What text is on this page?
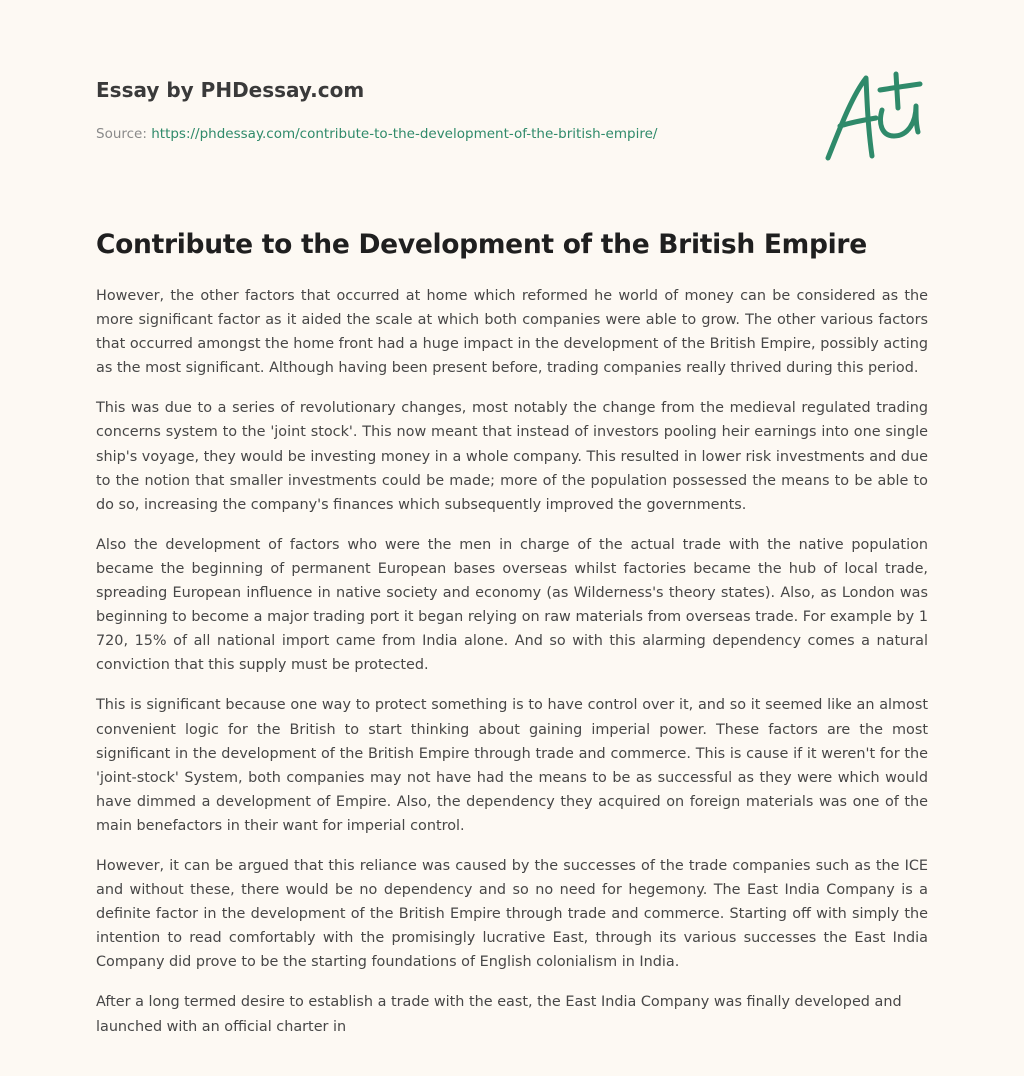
Essay by PHDessay.com
Source: https://phdessay.com/contribute-to-the-development-of-the-british-empire/
Contribute to the Development of the British Empire

However, the other factors that occurred at home which reformed he world of money can be considered as the more significant factor as it aided the scale at which both companies were able to grow. The other various factors that occurred amongst the home front had a huge impact in the development of the British Empire, possibly acting as the most significant. Although having been present before, trading companies really thrived during this period.

This was due to a series of revolutionary changes, most notably the change from the medieval regulated trading concerns system to the 'joint stock'. This now meant that instead of investors pooling heir earnings into one single ship's voyage, they would be investing money in a whole company. This resulted in lower risk investments and due to the notion that smaller investments could be made; more of the population possessed the means to be able to do so, increasing the company's finances which subsequently improved the governments.

Also the development of factors who were the men in charge of the actual trade with the native population became the beginning of permanent European bases overseas whilst factories became the hub of local trade, spreading European influence in native society and economy (as Wilderness's theory states). Also, as London was beginning to become a major trading port it began relying on raw materials from overseas trade. For example by 1 720, 15% of all national import came from India alone. And so with this alarming dependency comes a natural conviction that this supply must be protected.

This is significant because one way to protect something is to have control over it, and so it seemed like an almost convenient logic for the British to start thinking about gaining imperial power. These factors are the most significant in the development of the British Empire through trade and commerce. This is cause if it weren't for the 'joint-stock' System, both companies may not have had the means to be as successful as they were which would have dimmed a development of Empire. Also, the dependency they acquired on foreign materials was one of the main benefactors in their want for imperial control.

However, it can be argued that this reliance was caused by the successes of the trade companies such as the ICE and without these, there would be no dependency and so no need for hegemony. The East India Company is a definite factor in the development of the British Empire through trade and commerce. Starting off with simply the intention to read comfortably with the promisingly lucrative East, through its various successes the East India Company did prove to be the starting foundations of English colonialism in India.

After a long termed desire to establish a trade with the east, the East India Company was finally developed and launched with an official charter in
